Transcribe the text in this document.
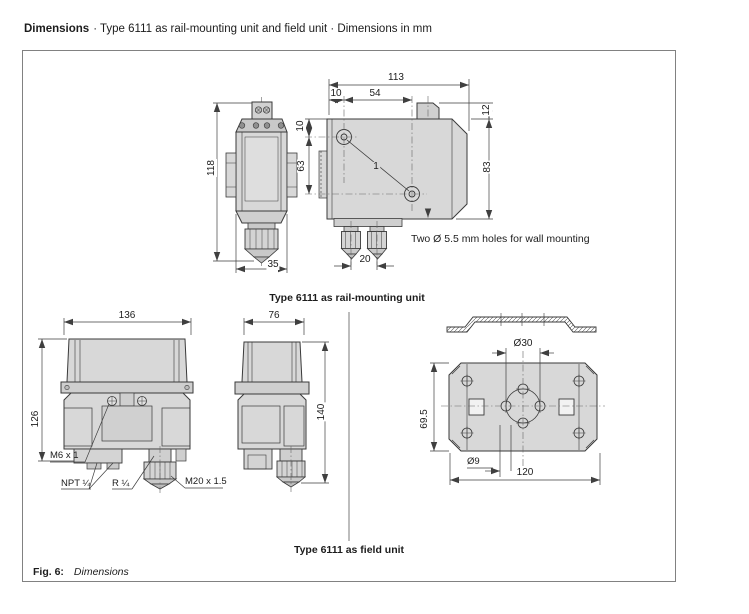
Dimensions · Type 6111 as rail-mounting unit and field unit · Dimensions in mm
118
35
113
10	54
10
63
12
83
20
1
Two Ø 5.5 mm holes for wall mounting
Type 6111 as rail-mounting unit
136
126
76
140
M6 x 1
NPT ¼ R ¼	M20 x 1.5
Ø30
69.5
Ø9
120
Type 6111 as field unit
Fig. 6: Dimensions
